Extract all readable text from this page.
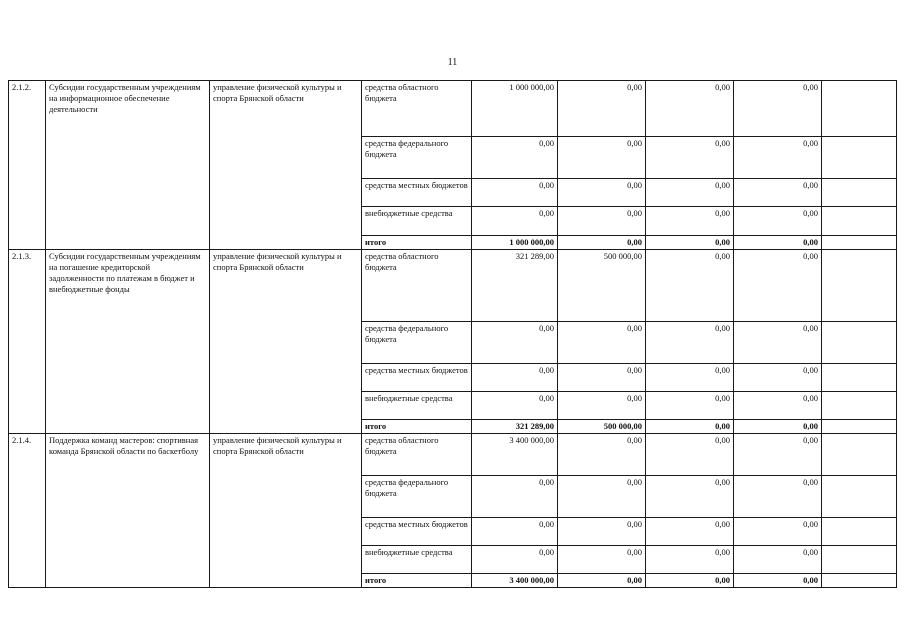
11
2.1.2.	Субсидии государственным учреждениям на информационное обеспечение деятельности	управление физической культуры и спорта Брянской области	средства областного бюджета	1 000 000,00	0,00	0,00	0,00	
			средства федерального бюджета	0,00	0,00	0,00	0,00	
			средства местных бюджетов	0,00	0,00	0,00	0,00	
			внебюджетные средства	0,00	0,00	0,00	0,00	
			итого	1 000 000,00	0,00	0,00	0,00	
2.1.3.	Субсидии государственным учреждениям на погашение кредиторской задолженности по платежам в бюджет и внебюджетные фонды	управление физической культуры и спорта Брянской области	средства областного бюджета	321 289,00	500 000,00	0,00	0,00	
			средства федерального бюджета	0,00	0,00	0,00	0,00	
			средства местных бюджетов	0,00	0,00	0,00	0,00	
			внебюджетные средства	0,00	0,00	0,00	0,00	
			итого	321 289,00	500 000,00	0,00	0,00	
2.1.4.	Поддержка команд мастеров: спортивная команда Брянской области по баскетболу	управление физической культуры и спорта Брянской области	средства областного бюджета	3 400 000,00	0,00	0,00	0,00	
			средства федерального бюджета	0,00	0,00	0,00	0,00	
			средства местных бюджетов	0,00	0,00	0,00	0,00	
			внебюджетные средства	0,00	0,00	0,00	0,00	
			итого	3 400 000,00	0,00	0,00	0,00	
